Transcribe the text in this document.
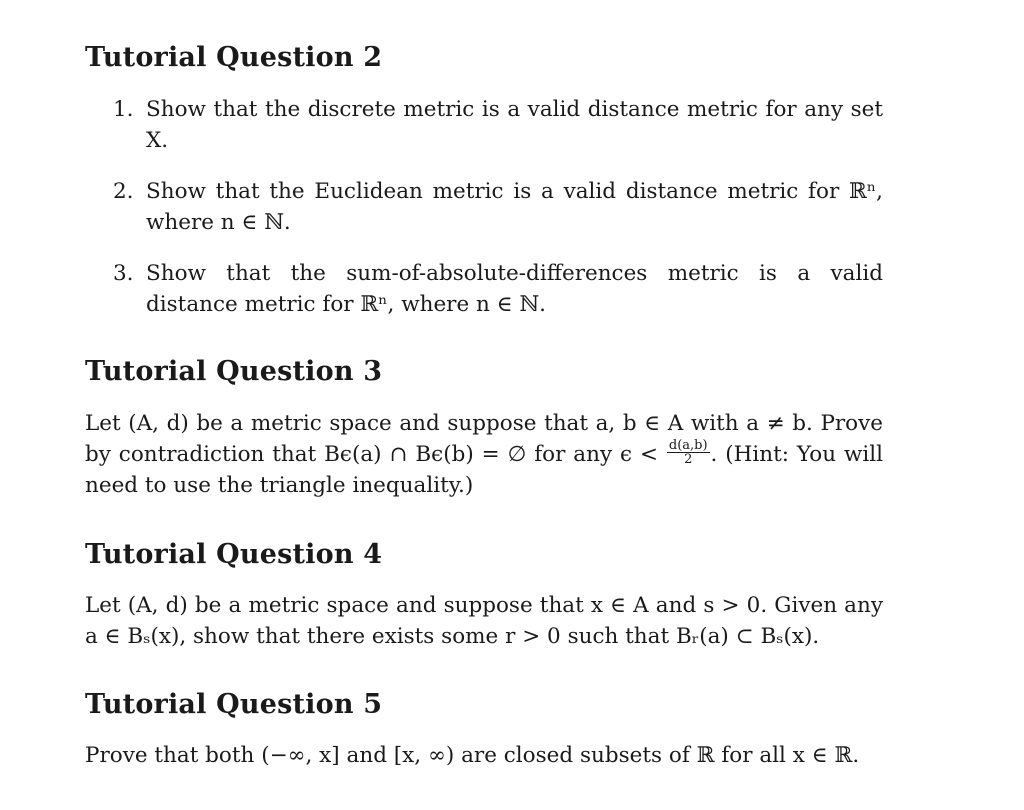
Tutorial Question 2
1. Show that the discrete metric is a valid distance metric for any set X.
2. Show that the Euclidean metric is a valid distance metric for ℝⁿ, where n ∈ ℕ.
3. Show that the sum-of-absolute-differences metric is a valid distance metric for ℝⁿ, where n ∈ ℕ.
Tutorial Question 3
Let (A, d) be a metric space and suppose that a, b ∈ A with a ≠ b. Prove by contradiction that Bϵ(a) ∩ Bϵ(b) = ∅ for any $\epsilon < \frac{d(a,b)}{2}$ . (Hint: You will need to use the triangle inequality.)
Tutorial Question 4
Let (A, d) be a metric space and suppose that x ∈ A and s > 0. Given any a ∈ Bₛ(x), show that there exists some r > 0 such that Bᵣ(a) ⊂ Bₛ(x).
Tutorial Question 5
Prove that both (−∞, x] and [x, ∞) are closed subsets of ℝ for all x ∈ ℝ.
